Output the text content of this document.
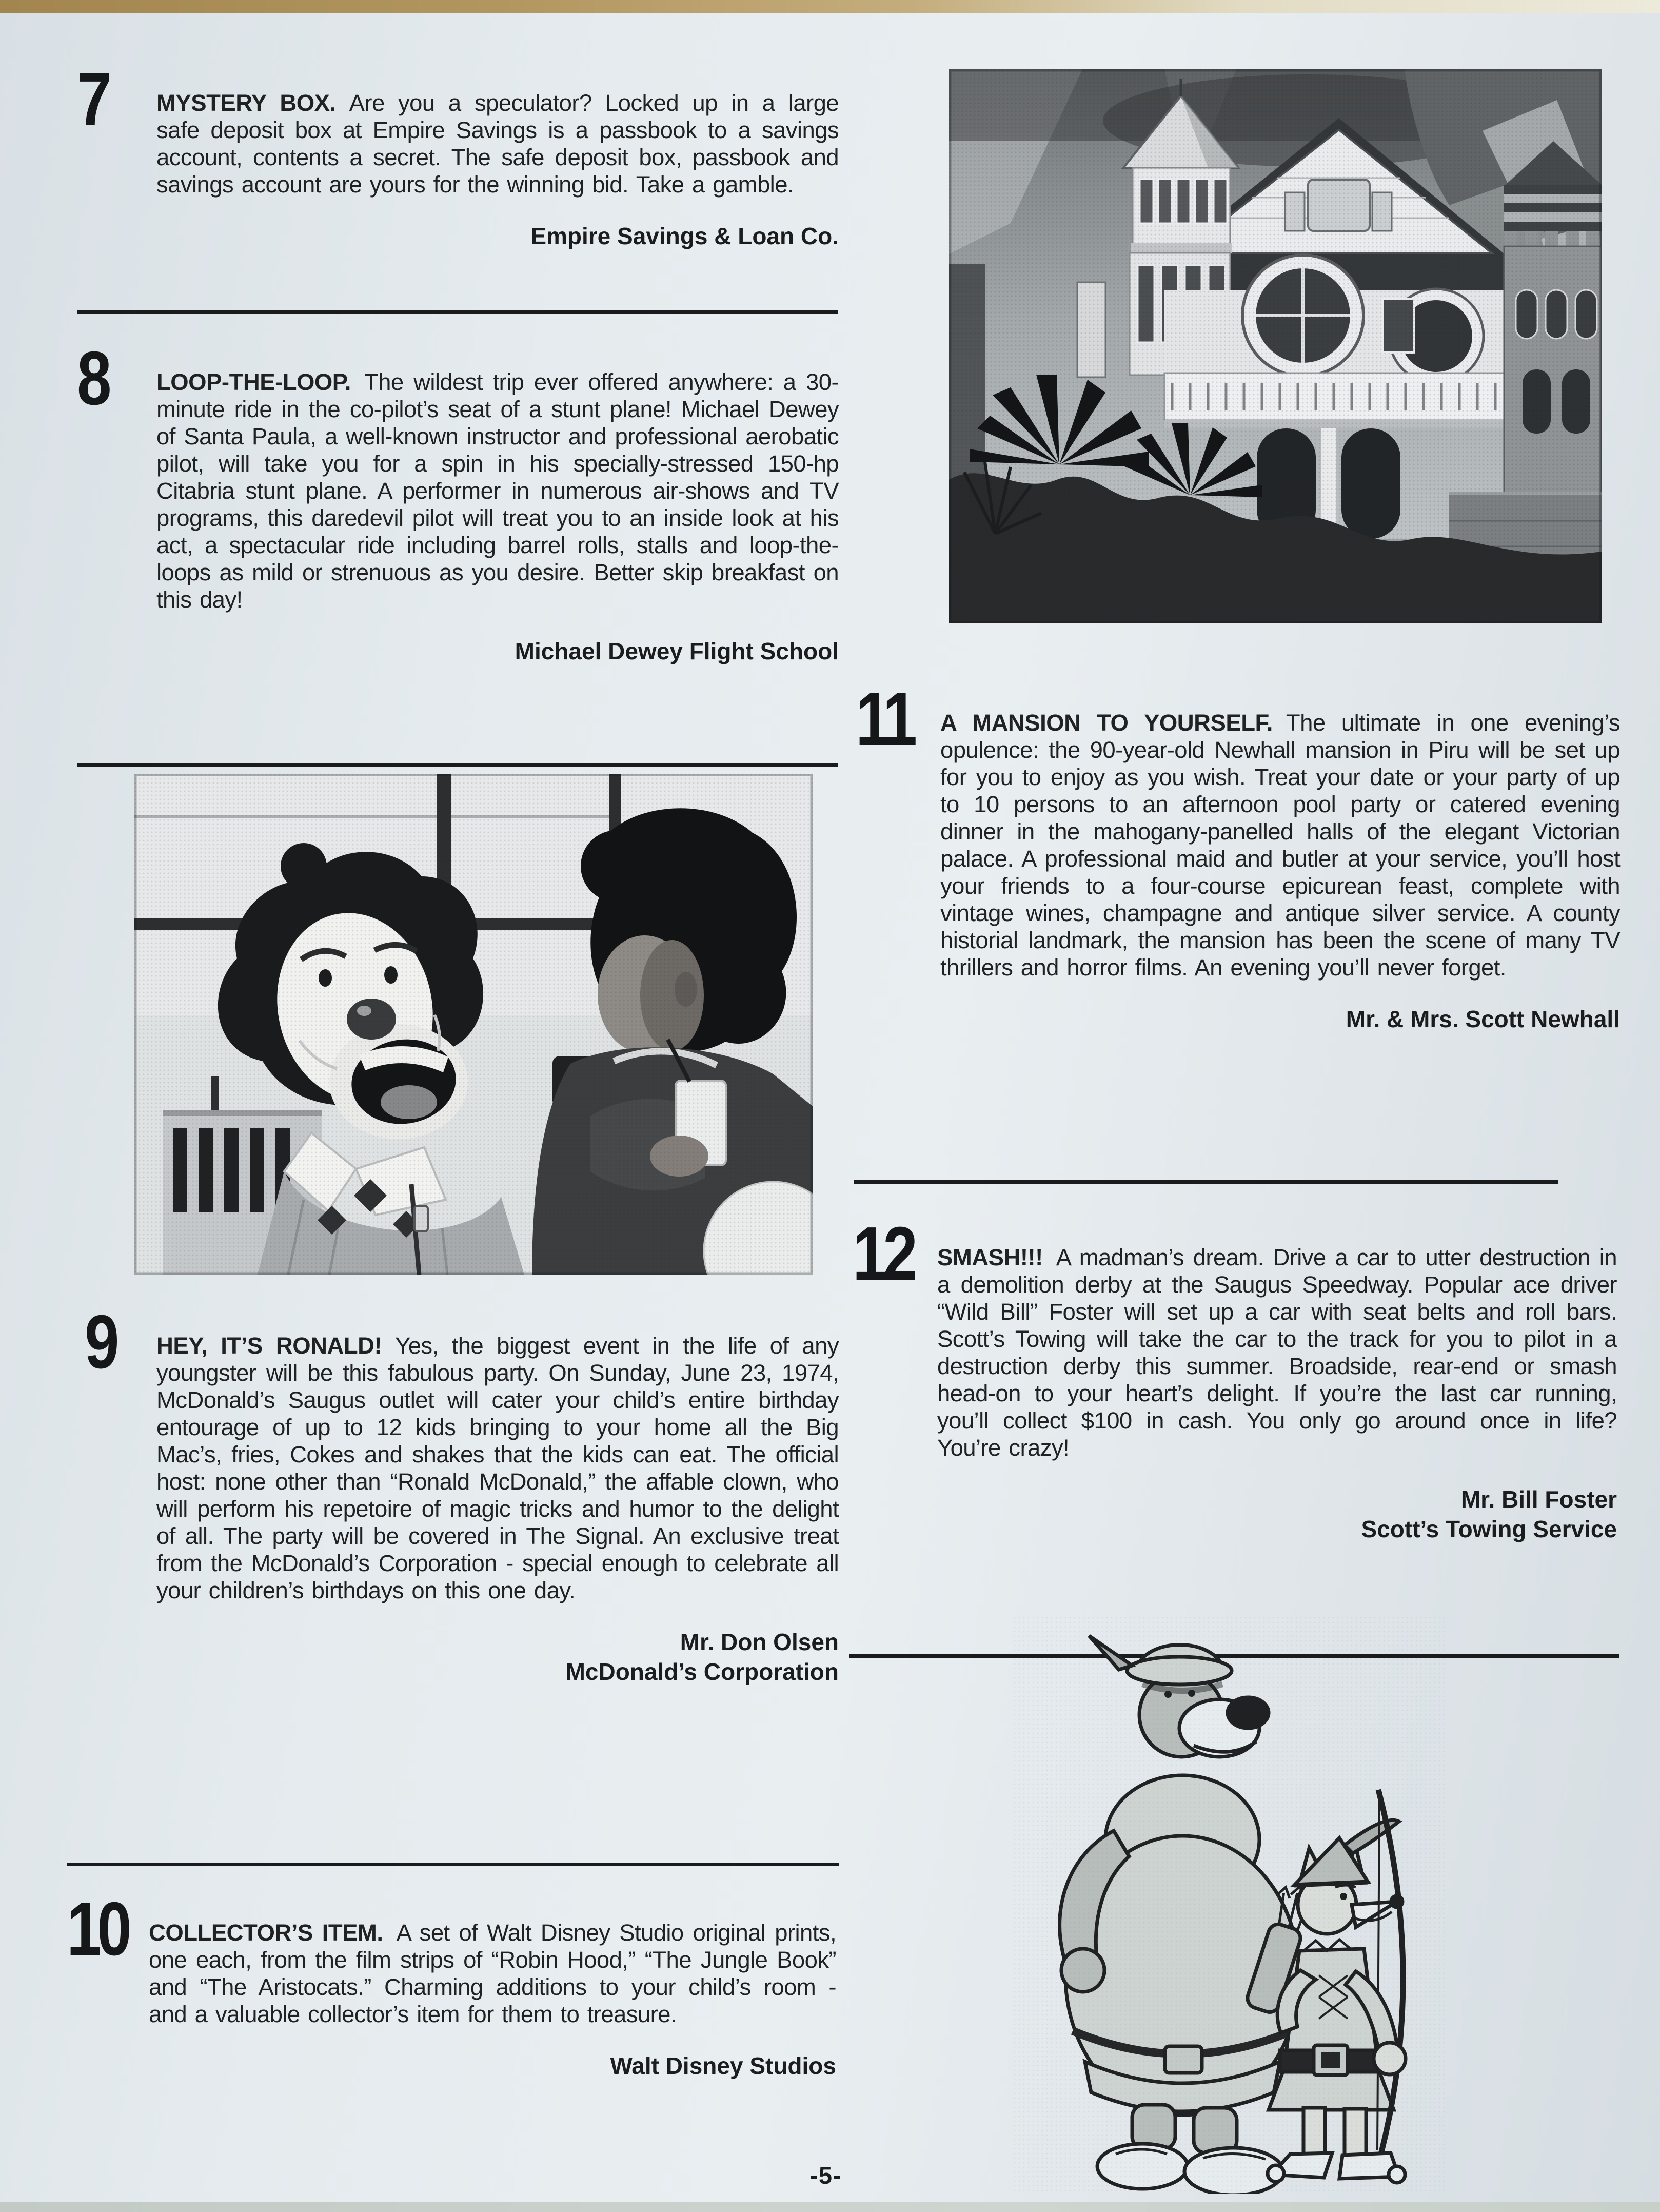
7 MYSTERY BOX. Are you a speculator? Locked up in a large safe deposit box at Empire Savings is a passbook to a savings account, contents a secret. The safe deposit box, passbook and savings account are yours for the winning bid. Take a gamble.

Empire Savings & Loan Co.
8 LOOP-THE-LOOP. The wildest trip ever offered anywhere: a 30-minute ride in the co-pilot’s seat of a stunt plane! Michael Dewey of Santa Paula, a well-known instructor and professional aerobatic pilot, will take you for a spin in his specially-stressed 150-hp Citabria stunt plane. A performer in numerous air-shows and TV programs, this daredevil pilot will treat you to an inside look at his act, a spectacular ride including barrel rolls, stalls and loop-the-loops as mild or strenuous as you desire. Better skip breakfast on this day!

Michael Dewey Flight School
9 HEY, IT’S RONALD! Yes, the biggest event in the life of any youngster will be this fabulous party. On Sunday, June 23, 1974, McDonald’s Saugus outlet will cater your child’s entire birthday entourage of up to 12 kids bringing to your home all the Big Mac’s, fries, Cokes and shakes that the kids can eat. The official host: none other than “Ronald McDonald,” the affable clown, who will perform his repetoire of magic tricks and humor to the delight of all. The party will be covered in The Signal. An exclusive treat from the McDonald’s Corporation - special enough to celebrate all your children’s birthdays on this one day.

Mr. Don Olsen
McDonald’s Corporation
10 COLLECTOR’S ITEM. A set of Walt Disney Studio original prints, one each, from the film strips of “Robin Hood,” “The Jungle Book” and “The Aristocats.” Charming additions to your child’s room - and a valuable collector’s item for them to treasure.

Walt Disney Studios
11 A MANSION TO YOURSELF. The ultimate in one evening’s opulence: the 90-year-old Newhall mansion in Piru will be set up for you to enjoy as you wish. Treat your date or your party of up to 10 persons to an afternoon pool party or catered evening dinner in the mahogany-panelled halls of the elegant Victorian palace. A professional maid and butler at your service, you’ll host your friends to a four-course epicurean feast, complete with vintage wines, champagne and antique silver service. A county historial landmark, the mansion has been the scene of many TV thrillers and horror films. An evening you’ll never forget.

Mr. & Mrs. Scott Newhall
12 SMASH!!! A madman’s dream. Drive a car to utter destruction in a demolition derby at the Saugus Speedway. Popular ace driver “Wild Bill” Foster will set up a car with seat belts and roll bars. Scott’s Towing will take the car to the track for you to pilot in a destruction derby this summer. Broadside, rear-end or smash head-on to your heart’s delight. If you’re the last car running, you’ll collect $100 in cash. You only go around once in life? You’re crazy!

Mr. Bill Foster
Scott’s Towing Service
-5-
